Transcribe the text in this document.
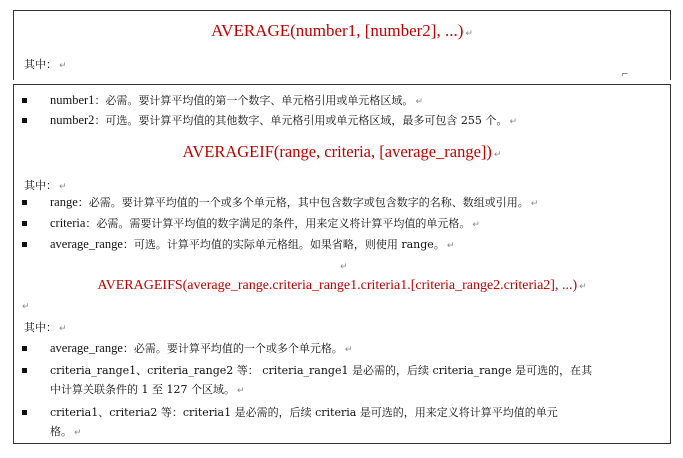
AVERAGE(number1, [number2], ...) ↵
其中： ↵
⌐
number1：必需。要计算平均值的第一个数字、单元格引用或单元格区域。 ↵
number2：可选。要计算平均值的其他数字、单元格引用或单元格区域，最多可包含 255 个。 ↵
AVERAGEIF(range, criteria, [average_range]) ↵
其中： ↵
range：必需。要计算平均值的一个或多个单元格，其中包含数字或包含数字的名称、数组或引用。 ↵
criteria：必需。需要计算平均值的数字满足的条件，用来定义将计算平均值的单元格。 ↵
average_range：可选。计算平均值的实际单元格组。如果省略，则使用 range。 ↵
↵
AVERAGEIFS(average_range.criteria_range1.criteria1.[criteria_range2.criteria2], ...) ↵
↵
其中： ↵
average_range：必需。要计算平均值的一个或多个单元格。 ↵
criteria_range1、criteria_range2 等： criteria_range1 是必需的，后续 criteria_range 是可选的，在其
中计算关联条件的 1 至 127 个区域。 ↵
criteria1、criteria2 等：criteria1 是必需的，后续 criteria 是可选的，用来定义将计算平均值的单元
格。 ↵
